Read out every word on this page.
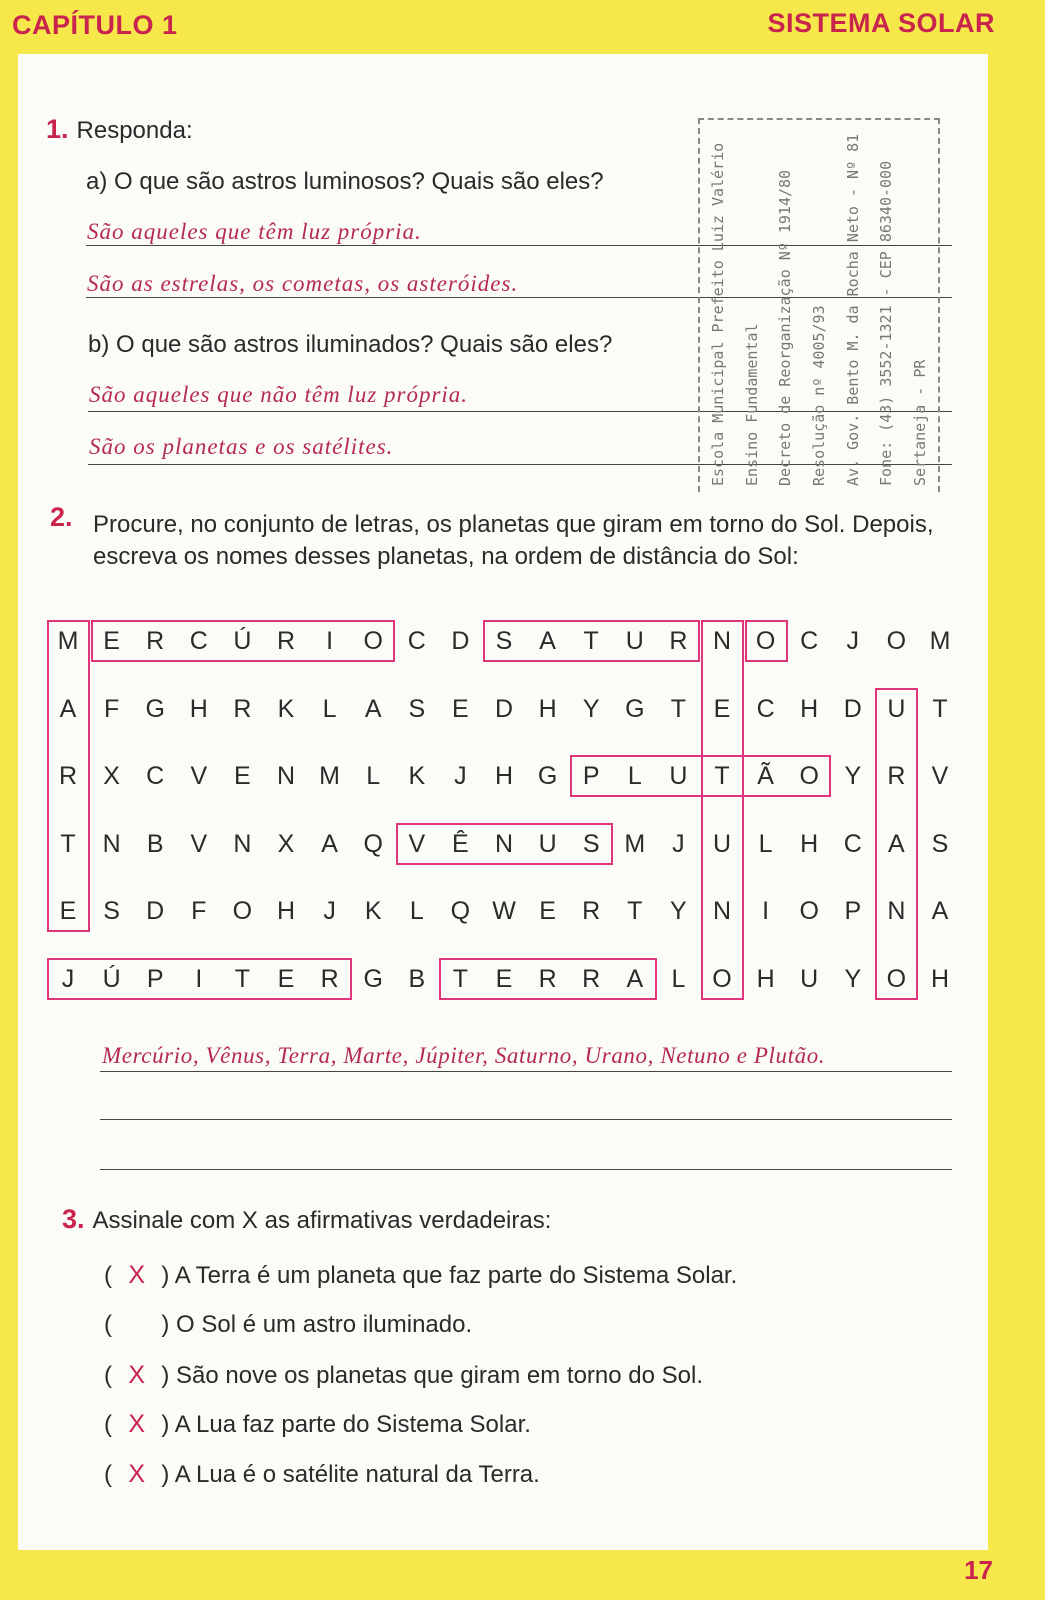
CAPÍTULO 1	SISTEMA SOLAR
1. Responda:
a) O que são astros luminosos? Quais são eles?
São aqueles que têm luz própria.
São as estrelas, os cometas, os asteróides.
b) O que são astros iluminados? Quais são eles?
São aqueles que não têm luz própria.
São os planetas e os satélites.	Escola Municipal Prefeito Luiz Valério Ensino Fundamental Decreto de Reorganização Nº 1914/80 Resolução nº 4005/93 Av. Gov. Bento M. da Rocha Neto - Nº 81 Fone: (43) 3552-1321 - CEP 86340-000 Sertaneja - PR
2. Procure, no conjunto de letras, os planetas que giram em torno do Sol. Depois, escreva os nomes desses planetas, na ordem de distância do Sol:
M E	R	C	Ú	R	I	O C	D	S	A	T	U	R	N O C	J	O M
A	F	G H	R	K	L	A	S	E	D	H	Y	G	T	E	C	H	D	U	T
R	X	C	V	E	N M	L	K	J	H G	P	L	U	T	Ã	O	Y	R	V
T	N	B	V	N	X	A	Q	V	Ê	N	U	S M	J	U	L	H	C	A	S
E	S	D	F	O H	J	K	L	Q W E	R	T	Y	N	I	O	P	N	A
J	Ú	P	I	T	E	R G	B	T	E	R	R	A	L	O H	U	Y	O H
Mercúrio, Vênus, Terra, Marte, Júpiter, Saturno, Urano, Netuno e Plutão.
3. Assinale com X as afirmativas verdadeiras:
( X ) A Terra é um planeta que faz parte do Sistema Solar.
(  ) O Sol é um astro iluminado.
( X ) São nove os planetas que giram em torno do Sol.
( X ) A Lua faz parte do Sistema Solar.
( X ) A Lua é o satélite natural da Terra.
17
